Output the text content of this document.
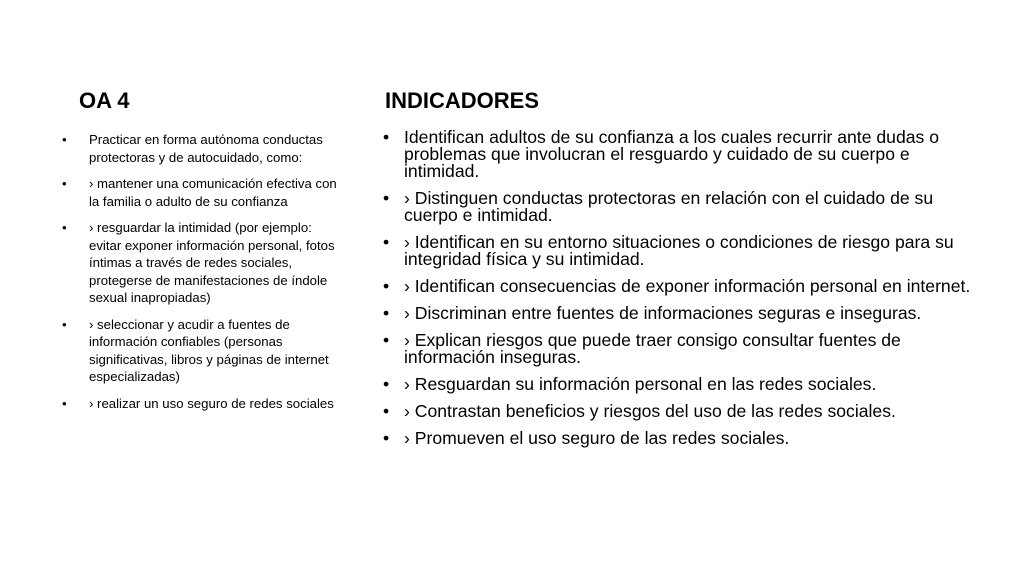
OA 4
• Practicar en forma autónoma conductas protectoras y de autocuidado, como:
• › mantener una comunicación efectiva con la familia o adulto de su confianza
• › resguardar la intimidad (por ejemplo: evitar exponer información personal, fotos íntimas a través de redes sociales, protegerse de manifestaciones de índole sexual inapropiadas)
• › seleccionar y acudir a fuentes de información confiables (personas significativas, libros y páginas de internet especializadas)
• › realizar un uso seguro de redes sociales
INDICADORES
• Identifican adultos de su confianza a los cuales recurrir ante dudas o problemas que involucran el resguardo y cuidado de su cuerpo e intimidad.
• › Distinguen conductas protectoras en relación con el cuidado de su cuerpo e intimidad.
• › Identifican en su entorno situaciones o condiciones de riesgo para su integridad física y su intimidad.
• › Identifican consecuencias de exponer información personal en internet.
• › Discriminan entre fuentes de informaciones seguras e inseguras.
• › Explican riesgos que puede traer consigo consultar fuentes de información inseguras.
• › Resguardan su información personal en las redes sociales.
• › Contrastan beneficios y riesgos del uso de las redes sociales.
• › Promueven el uso seguro de las redes sociales.
